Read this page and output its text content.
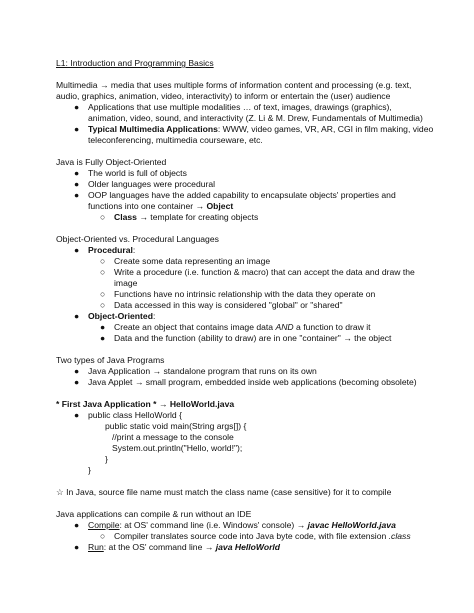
L1: Introduction and Programming Basics
Multimedia → media that uses multiple forms of information content and processing (e.g. text,
audio, graphics, animation, video, interactivity) to inform or entertain the (user) audience
● Applications that use multiple modalities … of text, images, drawings (graphics),
animation, video, sound, and interactivity (Z. Li & M. Drew, Fundamentals of Multimedia)
● Typical Multimedia Applications: WWW, video games, VR, AR, CGI in film making, video
teleconferencing, multimedia courseware, etc.
Java is Fully Object-Oriented
● The world is full of objects
● Older languages were procedural
● OOP languages have the added capability to encapsulate objects' properties and
functions into one container → Object
○ Class → template for creating objects
Object-Oriented vs. Procedural Languages
● Procedural:
○ Create some data representing an image
○ Write a procedure (i.e. function & macro) that can accept the data and draw the
image
○ Functions have no intrinsic relationship with the data they operate on
○ Data accessed in this way is considered "global" or "shared"
● Object-Oriented:
● Create an object that contains image data AND a function to draw it
● Data and the function (ability to draw) are in one "container" → the object
Two types of Java Programs
● Java Application → standalone program that runs on its own
● Java Applet → small program, embedded inside web applications (becoming obsolete)
* First Java Application * → HelloWorld.java
● public class HelloWorld {
public static void main(String args[]) {
//print a message to the console
System.out.println("Hello, world!");
}
}
☆ In Java, source file name must match the class name (case sensitive) for it to compile
Java applications can compile & run without an IDE
● Compile: at OS' command line (i.e. Windows' console) → javac HelloWorld.java
○ Compiler translates source code into Java byte code, with file extension .class
● Run: at the OS' command line → java HelloWorld
